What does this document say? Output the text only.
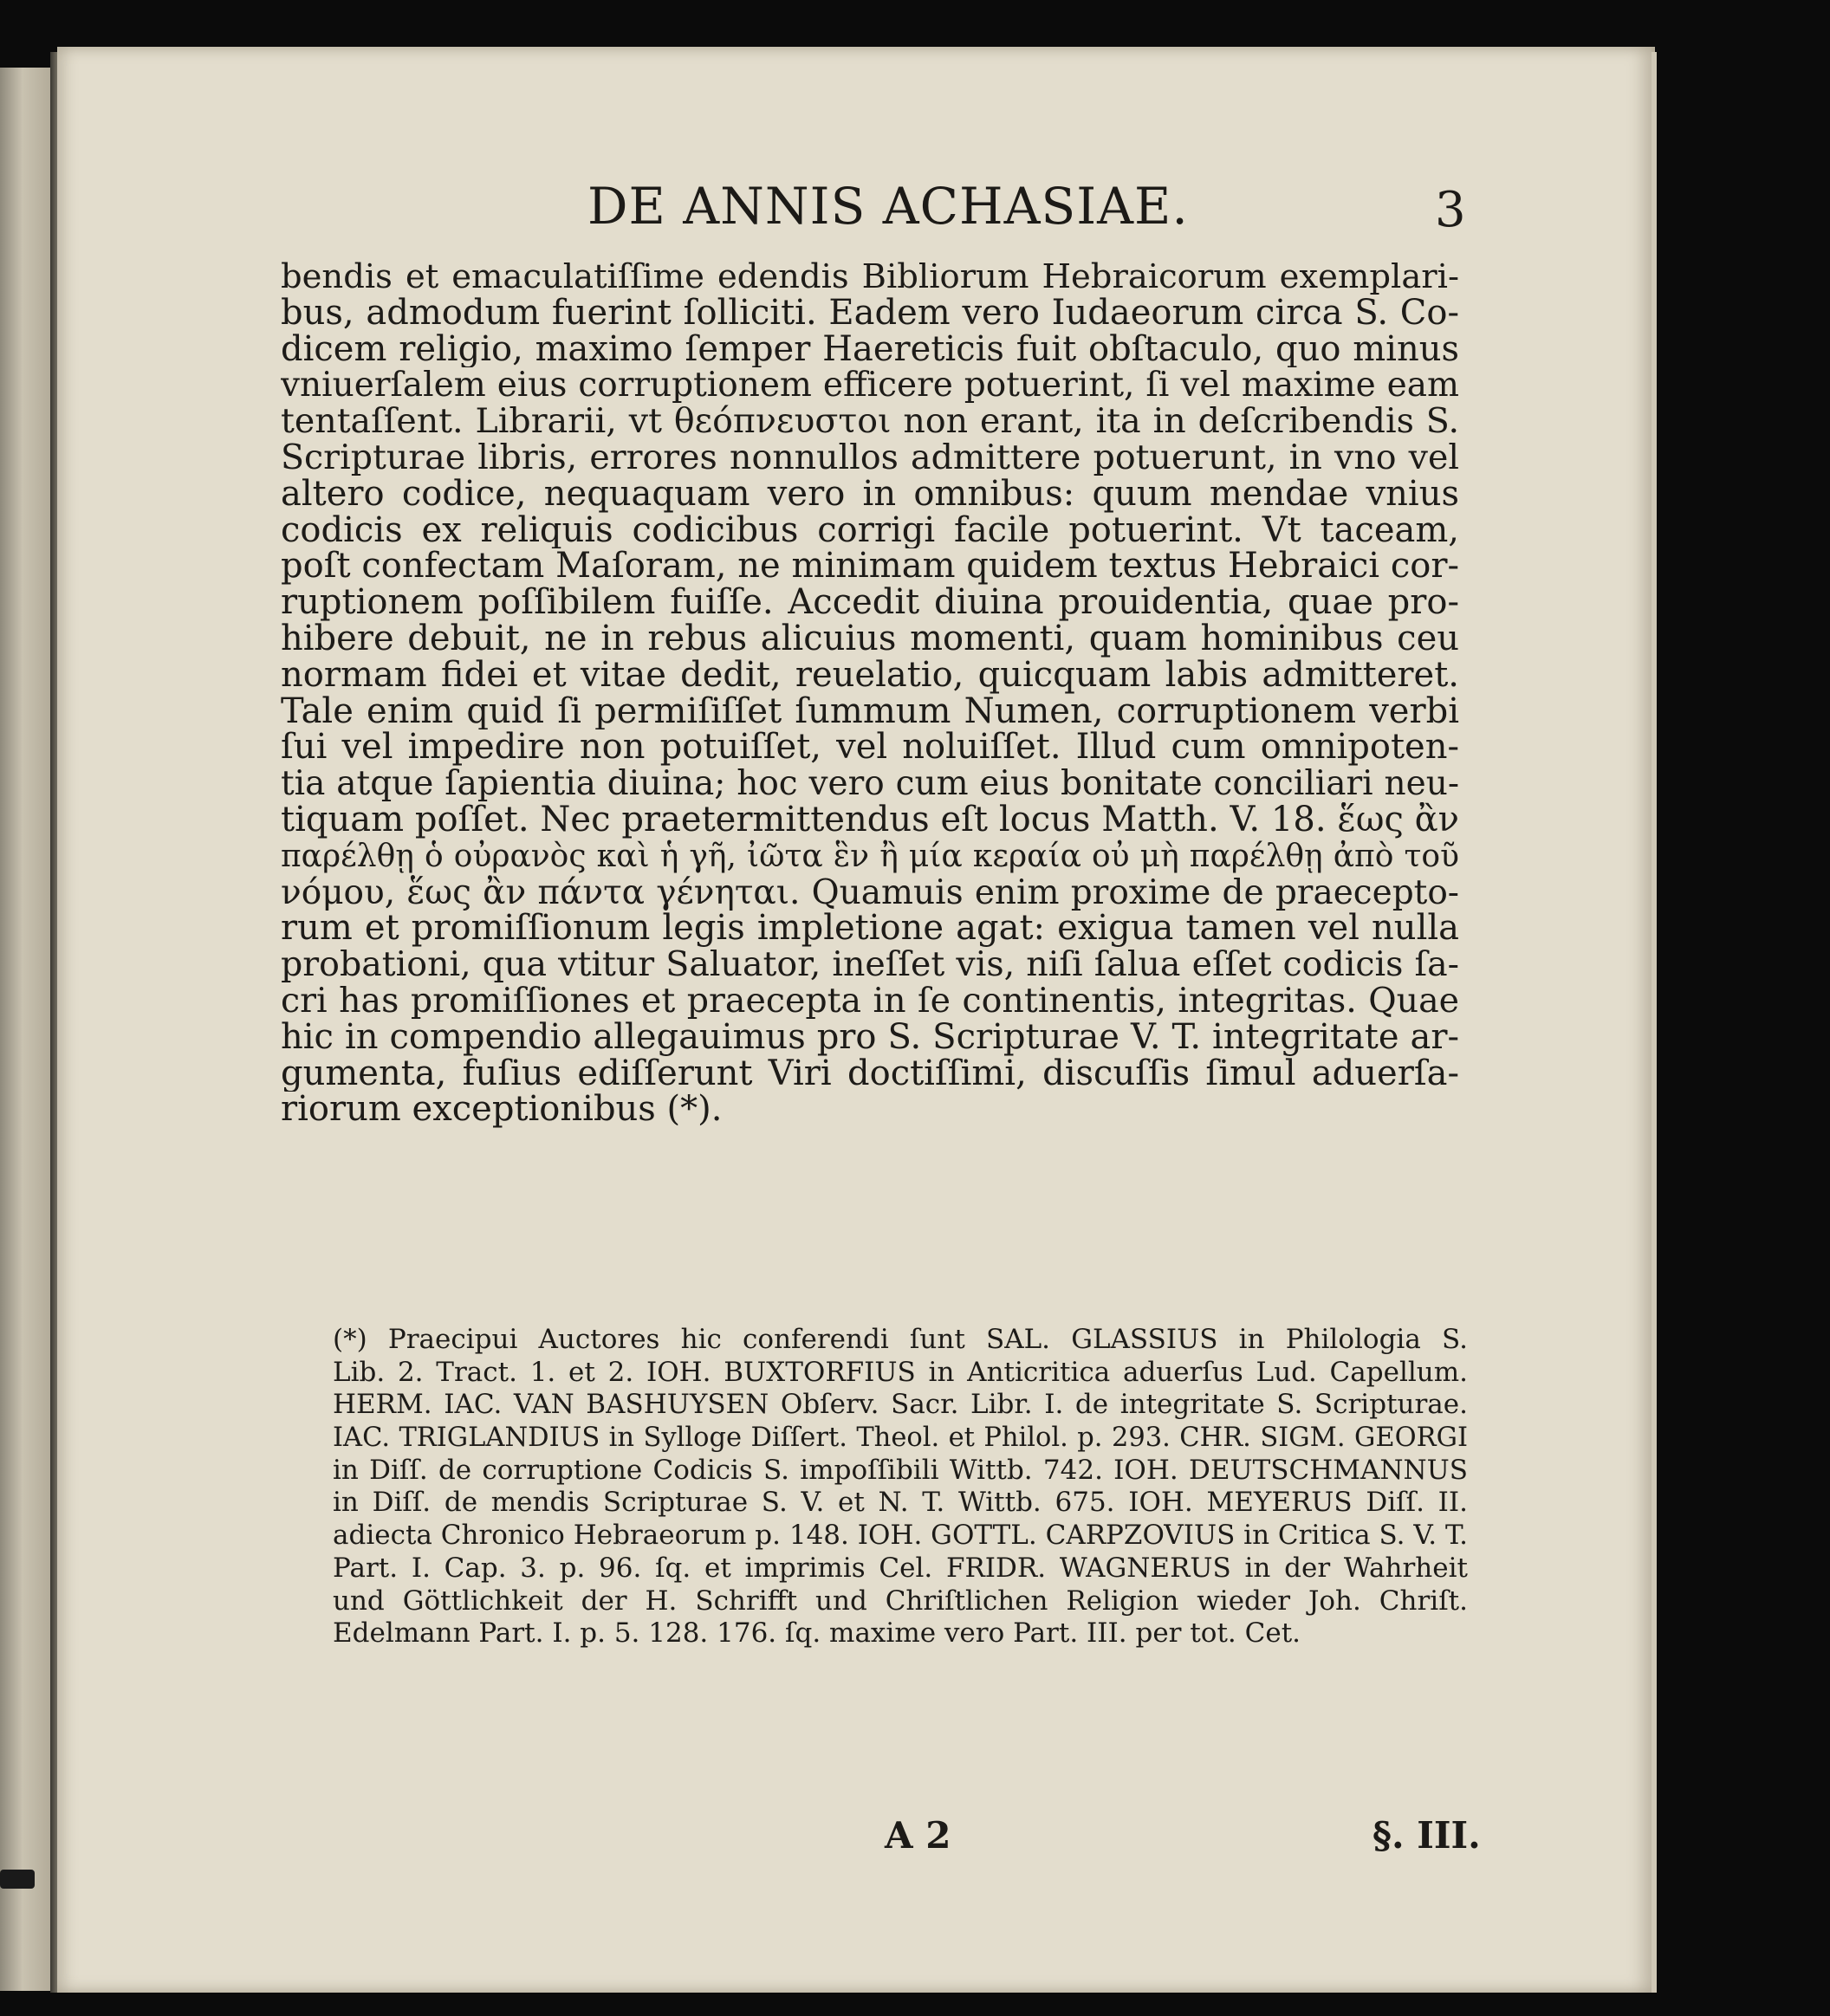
DE ANNIS ACHASIAE.	3
bendis et emaculatiſſime edendis Bibliorum Hebraicorum exemplari-
bus, admodum fuerint ſolliciti. Eadem vero Iudaeorum circa S. Co-
dicem religio, maximo ſemper Haereticis fuit obſtaculo, quo minus
vniuerſalem eius corruptionem efficere potuerint, ſi vel maxime eam
tentaſſent. Librarii, vt θεόπνευστοι non erant, ita in deſcribendis S.
Scripturae libris, errores nonnullos admittere potuerunt, in vno vel
altero codice, nequaquam vero in omnibus: quum mendae vnius
codicis ex reliquis codicibus corrigi facile potuerint. Vt taceam,
poſt confectam Maſoram, ne minimam quidem textus Hebraici cor-
ruptionem poſſibilem fuiſſe. Accedit diuina prouidentia, quae pro-
hibere debuit, ne in rebus alicuius momenti, quam hominibus ceu
normam fidei et vitae dedit, reuelatio, quicquam labis admitteret.
Tale enim quid ſi permiſiſſet ſummum Numen, corruptionem verbi
ſui vel impedire non potuiſſet, vel noluiſſet. Illud cum omnipoten-
tia atque ſapientia diuina; hoc vero cum eius bonitate conciliari neu-
tiquam poſſet. Nec praetermittendus eſt locus Matth. V. 18. ἕως ἂν
παρέλθῃ ὁ οὐρανὸς καὶ ἡ γῆ, ἰῶτα ἓν ἢ μία κεραία οὐ μὴ παρέλθῃ ἀπὸ τοῦ
νόμου, ἕως ἂν πάντα γένηται. Quamuis enim proxime de praecepto-
rum et promiſſionum legis impletione agat: exigua tamen vel nulla
probationi, qua vtitur Saluator, ineſſet vis, niſi ſalua eſſet codicis ſa-
cri has promiſſiones et praecepta in ſe continentis, integritas. Quae
hic in compendio allegauimus pro S. Scripturae V. T. integritate ar-
gumenta, fuſius ediſſerunt Viri doctiſſimi, discuſſis ſimul aduerſa-
riorum exceptionibus (*).
(*) Praecipui Auctores hic conferendi ſunt SAL. GLASSIUS in Philologia S.
Lib. 2. Tract. 1. et 2. IOH. BUXTORFIUS in Anticritica aduerſus Lud. Capellum.
HERM. IAC. VAN BASHUYSEN Obſerv. Sacr. Libr. I. de integritate S. Scripturae.
IAC. TRIGLANDIUS in Sylloge Diſſert. Theol. et Philol. p. 293. CHR. SIGM. GEORGI
in Diſſ. de corruptione Codicis S. impoſſibili Wittb. 742. IOH. DEUTSCHMANNUS
in Diſſ. de mendis Scripturae S. V. et N. T. Wittb. 675. IOH. MEYERUS Diſſ. II.
adiecta Chronico Hebraeorum p. 148. IOH. GOTTL. CARPZOVIUS in Critica S. V. T.
Part. I. Cap. 3. p. 96. ſq. et imprimis Cel. FRIDR. WAGNERUS in der Wahrheit
und Göttlichkeit der H. Schrifft und Chriſtlichen Religion wieder Joh. Chriſt.
Edelmann Part. I. p. 5. 128. 176. ſq. maxime vero Part. III. per tot. Cet.
A 2	§. III.
